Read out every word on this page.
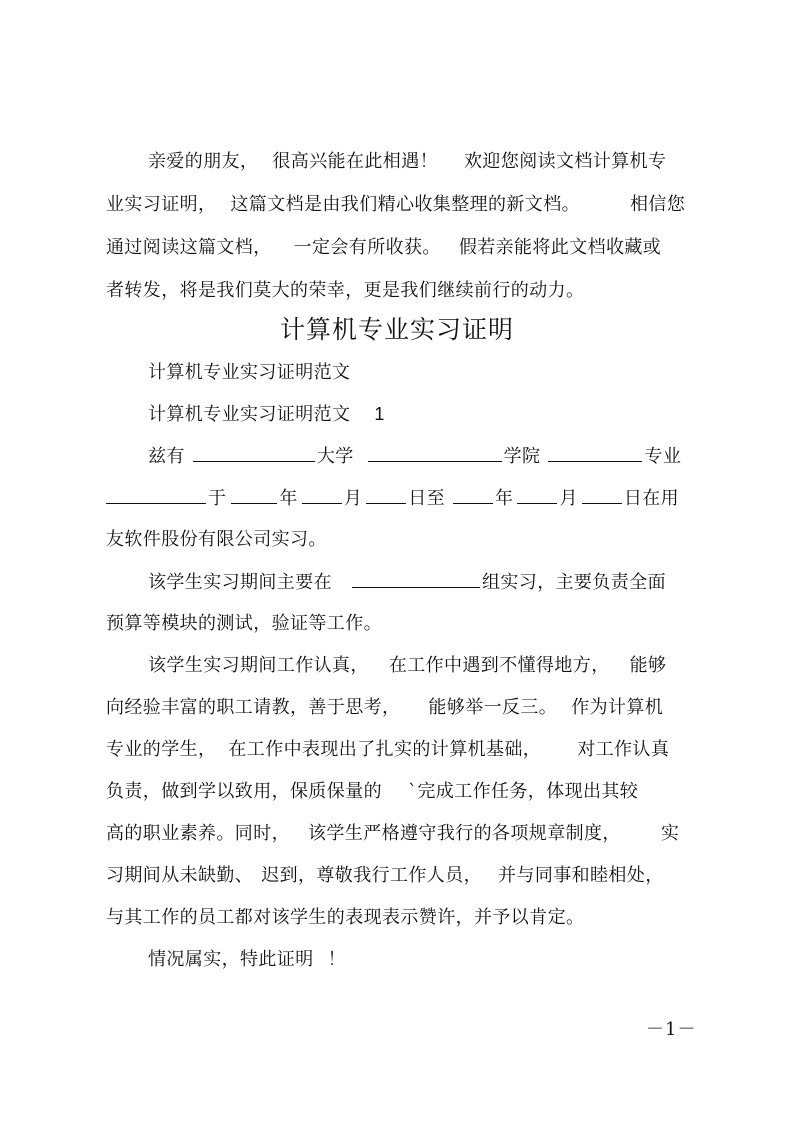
亲爱的朋友， 很高兴能在此相遇！ 欢迎您阅读文档计算机专
业实习证明， 这篇文档是由我们精心收集整理的新文档。	相信您
通过阅读这篇文档， 一定会有所收获。 假若亲能将此文档收藏或
者转发，将是我们莫大的荣幸，更是我们继续前行的动力。
计算机专业实习证明
计算机专业实习证明范文
计算机专业实习证明范文 1
兹有	大学	学院	专业
于	年	月	日至	年	月	日在用
友软件股份有限公司实习。
该学生实习期间主要在	组实习，主要负责全面
预算等模块的测试，验证等工作。
该学生实习期间工作认真， 在工作中遇到不懂得地方， 能够
向经验丰富的职工请教，善于思考， 能够举一反三。 作为计算机
专业的学生， 在工作中表现出了扎实的计算机基础， 对工作认真
负责，做到学以致用，保质保量的 `完成工作任务，体现出其较
高的职业素养。同时， 该学生严格遵守我行的各项规章制度， 实
习期间从未缺勤、 迟到，尊敬我行工作人员， 并与同事和睦相处，
与其工作的员工都对该学生的表现表示赞许，并予以肯定。
情况属实，特此证明 ！
－1－
